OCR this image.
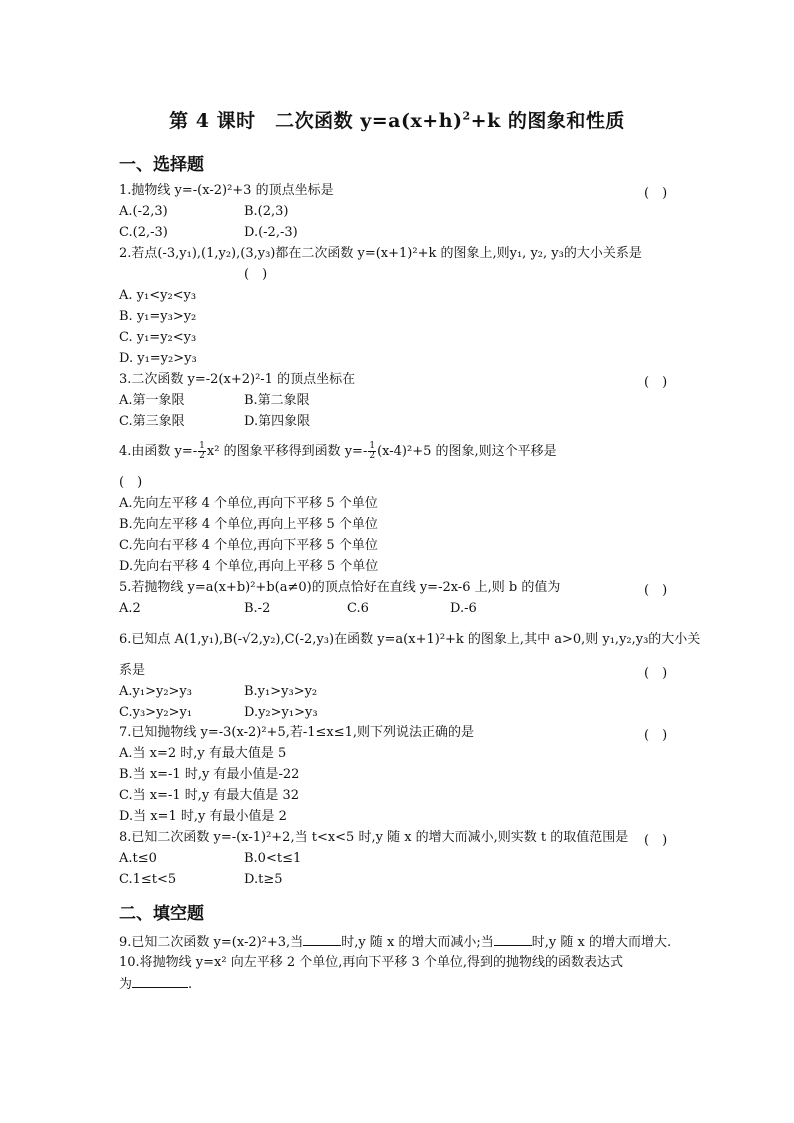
第 4 课时　二次函数 $y=a(x+h)^2+k$ 的图象和性质
一、选择题
1.抛物线 y=-(x-2)²+3 的顶点坐标是	(　)
A.(-2,3)	B.(2,3)
C.(2,-3)	D.(-2,-3)
2.若点(-3,y₁),(1,y₂),(3,y₃)都在二次函数 y=(x+1)²+k 的图象上,则y₁, y₂, y₃的大小关系是
(　)
A. y₁<y₂<y₃
B. y₁=y₃>y₂
C. y₁=y₂<y₃
D. y₁=y₂>y₃
3.二次函数 y=-2(x+2)²-1 的顶点坐标在	(　)
A.第一象限	B.第二象限
C.第三象限	D.第四象限
4.由函数 $y=- \frac{1}{2} x^2$ 的图象平移得到函数 $y=- \frac{1}{2} (x-4)^2+5$ 的图象,则这个平移是
(　)
A.先向左平移 4 个单位,再向下平移 5 个单位
B.先向左平移 4 个单位,再向上平移 5 个单位
C.先向右平移 4 个单位,再向下平移 5 个单位
D.先向右平移 4 个单位,再向上平移 5 个单位
5.若抛物线 y=a(x+b)²+b(a≠0)的顶点恰好在直线 y=-2x-6 上,则 b 的值为	(　)
A.2	B.-2	C.6	D.-6
6.已知点 A(1,y₁),B(-√2,y₂),C(-2,y₃)在函数 y=a(x+1)²+k 的图象上,其中 a>0,则 y₁,y₂,y₃的大小关
系是	(　)
A.y₁>y₂>y₃	B.y₁>y₃>y₂
C.y₃>y₂>y₁	D.y₂>y₁>y₃
7.已知抛物线 y=-3(x-2)²+5,若-1≤x≤1,则下列说法正确的是	(　)
A.当 x=2 时,y 有最大值是 5
B.当 x=-1 时,y 有最小值是-22
C.当 x=-1 时,y 有最大值是 32
D.当 x=1 时,y 有最小值是 2
8.已知二次函数 y=-(x-1)²+2,当 t<x<5 时,y 随 x 的增大而减小,则实数 t 的取值范围是 (　)
A.t≤0	B.0<t≤1
C.1≤t<5	D.t≥5
二、填空题
9.已知二次函数 y=(x-2)²+3,当	时,y 随 x 的增大而减小;当	时,y 随 x 的增大而增大.
10.将抛物线 y=x² 向左平移 2 个单位,再向下平移 3 个单位,得到的抛物线的函数表达式
为	.
